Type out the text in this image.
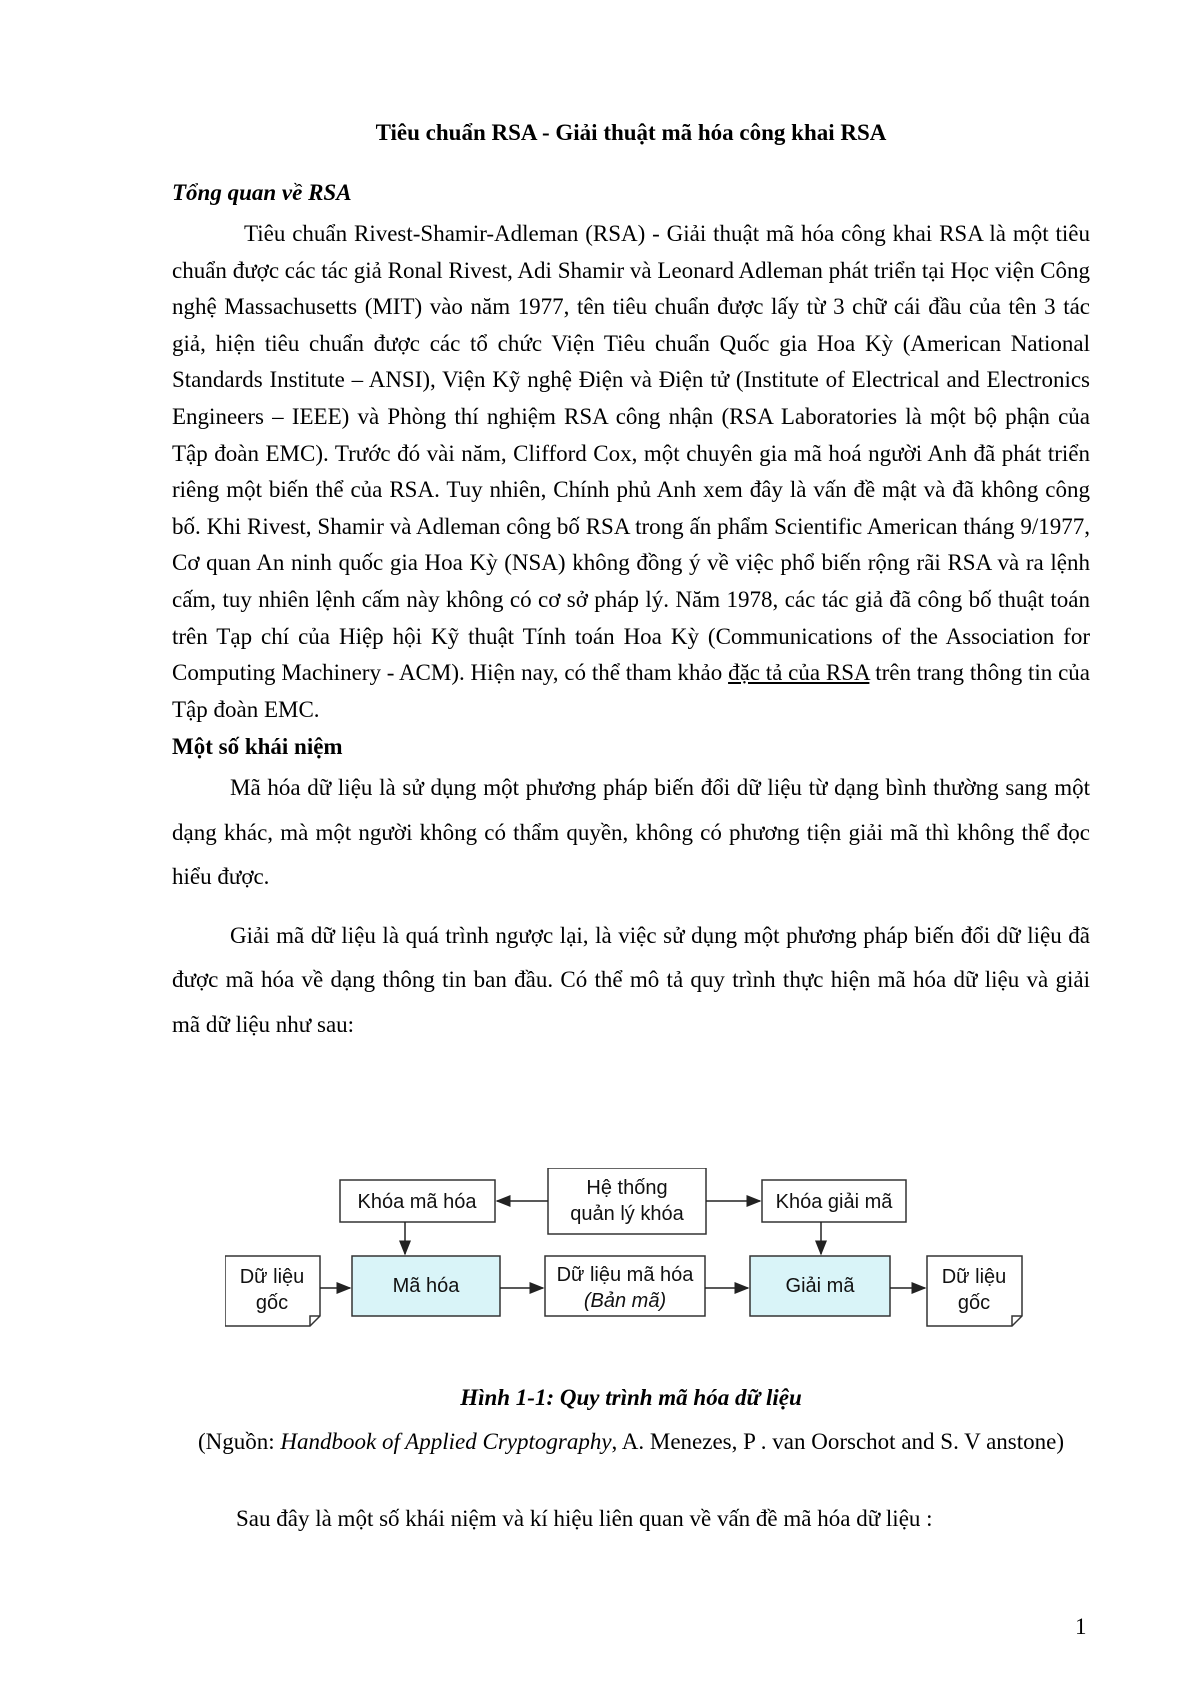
Tiêu chuẩn RSA - Giải thuật mã hóa công khai RSA
Tổng quan về RSA

Tiêu chuẩn Rivest-Shamir-Adleman (RSA) - Giải thuật mã hóa công khai RSA là một tiêu chuẩn được các tác giả Ronal Rivest, Adi Shamir và Leonard Adleman phát triển tại Học viện Công nghệ Massachusetts (MIT) vào năm 1977, tên tiêu chuẩn được lấy từ 3 chữ cái đầu của tên 3 tác giả, hiện tiêu chuẩn được các tổ chức Viện Tiêu chuẩn Quốc gia Hoa Kỳ (American National Standards Institute – ANSI), Viện Kỹ nghệ Điện và Điện tử (Institute of Electrical and Electronics Engineers – IEEE) và Phòng thí nghiệm RSA công nhận (RSA Laboratories là một bộ phận của Tập đoàn EMC). Trước đó vài năm, Clifford Cox, một chuyên gia mã hoá người Anh đã phát triển riêng một biến thể của RSA. Tuy nhiên, Chính phủ Anh xem đây là vấn đề mật và đã không công bố. Khi Rivest, Shamir và Adleman công bố RSA trong ấn phẩm Scientific American tháng 9/1977, Cơ quan An ninh quốc gia Hoa Kỳ (NSA) không đồng ý về việc phổ biến rộng rãi RSA và ra lệnh cấm, tuy nhiên lệnh cấm này không có cơ sở pháp lý. Năm 1978, các tác giả đã công bố thuật toán trên Tạp chí của Hiệp hội Kỹ thuật Tính toán Hoa Kỳ (Communications of the Association for Computing Machinery - ACM). Hiện nay, có thể tham khảo đặc tả của RSA trên trang thông tin của Tập đoàn EMC.

Một số khái niệm

Mã hóa dữ liệu là sử dụng một phương pháp biến đổi dữ liệu từ dạng bình thường sang một dạng khác, mà một người không có thẩm quyền, không có phương tiện giải mã thì không thể đọc hiểu được.

Giải mã dữ liệu là quá trình ngược lại, là việc sử dụng một phương pháp biến đổi dữ liệu đã được mã hóa về dạng thông tin ban đầu. Có thể mô tả quy trình thực hiện mã hóa dữ liệu và giải mã dữ liệu như sau:

Hệ thống
quản lý khóa
Khóa mã hóa	Khóa giải mã
Dữ liệu
gốc
Mã hóa	Dữ liệu mã hóa
(Bản mã)
Giải mã	Dữ liệu
gốc
Hình 1-1: Quy trình mã hóa dữ liệu
(Nguồn: Handbook of Applied Cryptography, A. Menezes, P . van Oorschot and S. V anstone)
Sau đây là một số khái niệm và kí hiệu liên quan về vấn đề mã hóa dữ liệu :
1
